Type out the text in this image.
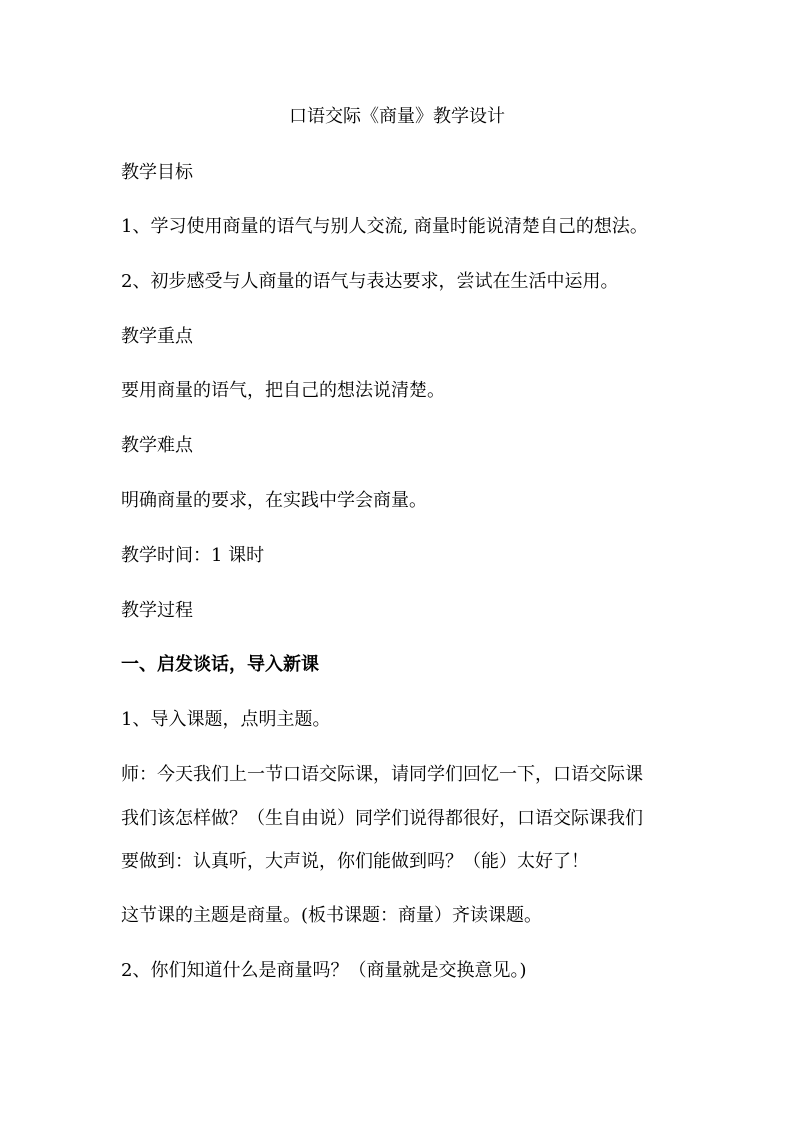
口语交际《商量》教学设计
教学目标
1、学习使用商量的语气与别人交流, 商量时能说清楚自己的想法。
2、初步感受与人商量的语气与表达要求，尝试在生活中运用。
教学重点
要用商量的语气，把自己的想法说清楚。
教学难点
明确商量的要求，在实践中学会商量。
教学时间：1 课时
教学过程
一、启发谈话，导入新课
1、导入课题，点明主题。
师：今天我们上一节口语交际课，请同学们回忆一下，口语交际课
我们该怎样做？（生自由说）同学们说得都很好，口语交际课我们
要做到：认真听，大声说，你们能做到吗？（能）太好了！
这节课的主题是商量。(板书课题：商量）齐读课题。
2、你们知道什么是商量吗？（商量就是交换意见。)
